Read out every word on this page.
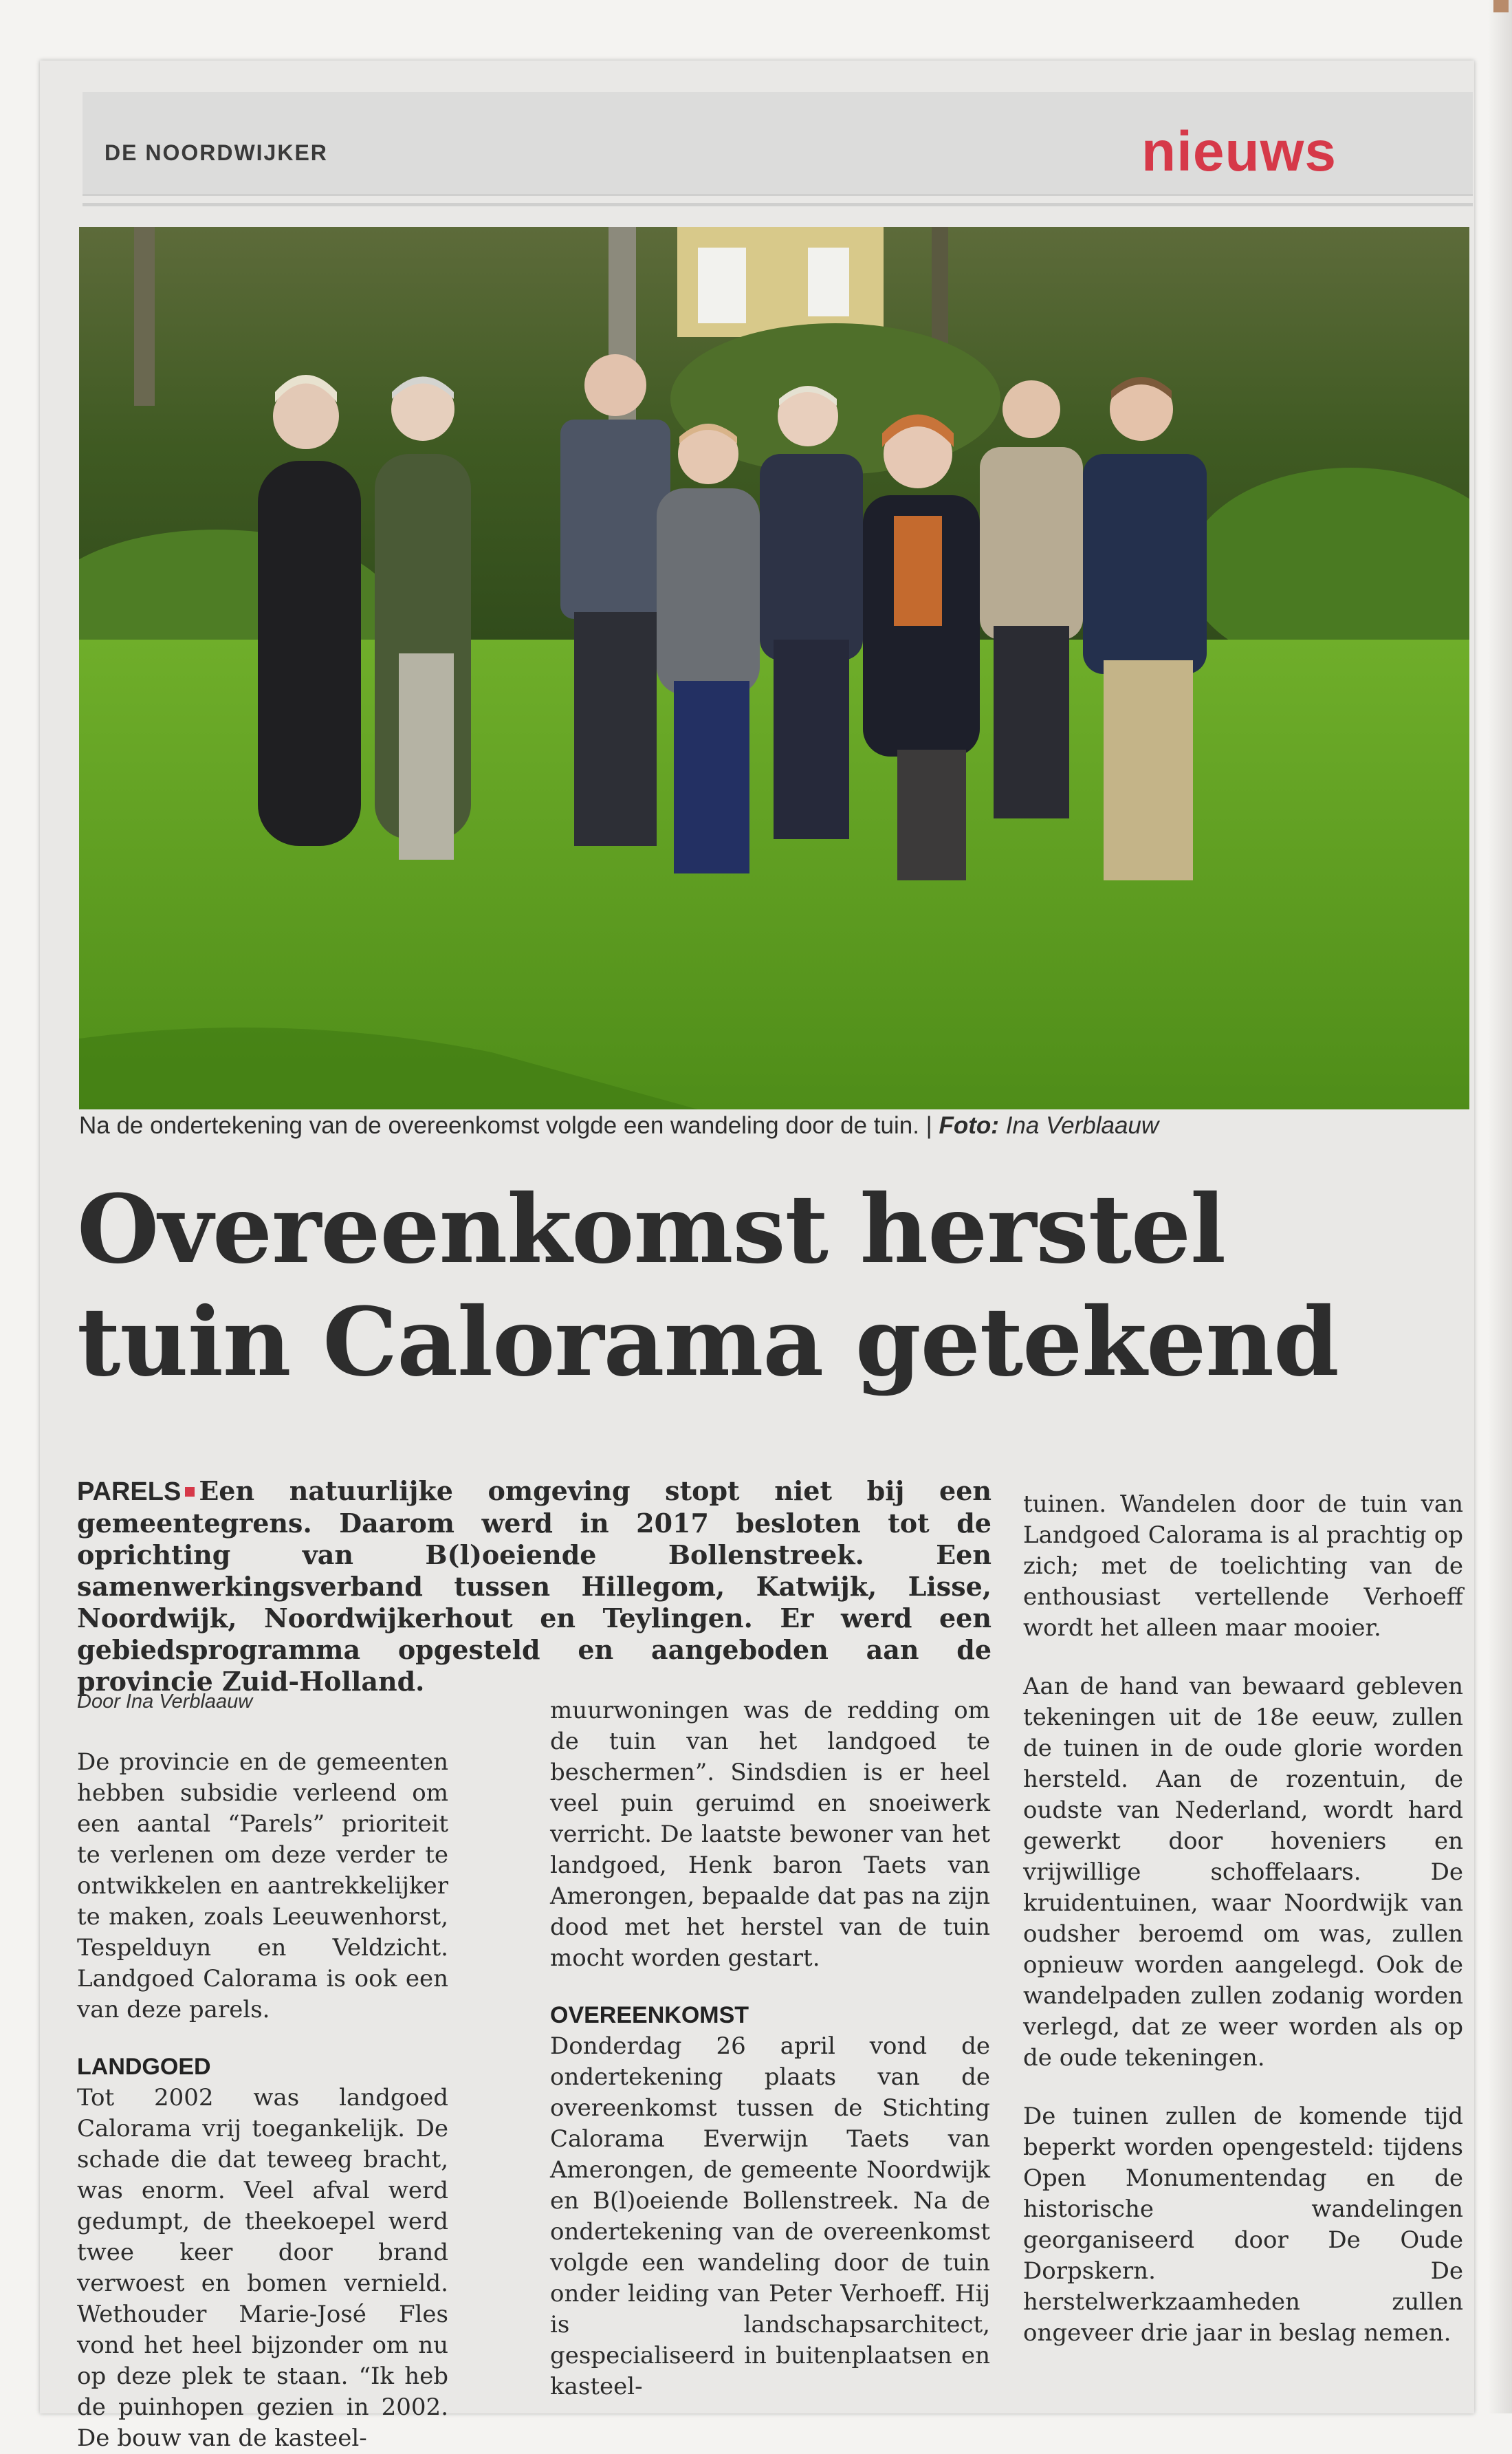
DE NOORDWIJKER	nieuws
Na de ondertekening van de overeenkomst volgde een wandeling door de tuin. | Foto: Ina Verblaauw
Overeenkomst herstel
tuin Calorama getekend
PARELS Een natuurlijke omgeving stopt niet bij een gemeentegrens. Daarom werd in 2017 besloten tot de oprichting van B(l)oeiende Bollenstreek. Een samenwerkingsverband tussen Hillegom, Katwijk, Lisse, Noordwijk, Noordwijkerhout en Teylingen. Er werd een gebiedsprogramma opgesteld en aangeboden aan de provincie Zuid-Holland.
Door Ina Verblaauw

De provincie en de gemeenten hebben subsidie verleend om een aantal “Parels” prioriteit te verlenen om deze verder te ontwikkelen en aantrekkelijker te maken, zoals Leeuwenhorst, Tespelduyn en Veldzicht. Landgoed Calorama is ook een van deze parels.

LANDGOED

Tot 2002 was landgoed Calorama vrij toegankelijk. De schade die dat teweeg bracht, was enorm. Veel afval werd gedumpt, de theekoepel werd twee keer door brand verwoest en bomen vernield. Wethouder Marie-José Fles vond het heel bijzonder om nu op deze plek te staan. “Ik heb de puinhopen gezien in 2002. De bouw van de kasteel-

muurwoningen was de redding om de tuin van het landgoed te beschermen”. Sindsdien is er heel veel puin geruimd en snoeiwerk verricht. De laatste bewoner van het landgoed, Henk baron Taets van Amerongen, bepaalde dat pas na zijn dood met het herstel van de tuin mocht worden gestart.

OVEREENKOMST

Donderdag 26 april vond de ondertekening plaats van de overeenkomst tussen de Stichting Calorama Everwijn Taets van Amerongen, de gemeente Noordwijk en B(l)oeiende Bollenstreek. Na de ondertekening van de overeenkomst volgde een wandeling door de tuin onder leiding van Peter Verhoeff. Hij is landschapsarchitect, gespecialiseerd in buitenplaatsen en kasteel-

tuinen. Wandelen door de tuin van Landgoed Calorama is al prachtig op zich; met de toelichting van de enthousiast vertellende Verhoeff wordt het alleen maar mooier.

Aan de hand van bewaard gebleven tekeningen uit de 18e eeuw, zullen de tuinen in de oude glorie worden hersteld. Aan de rozentuin, de oudste van Nederland, wordt hard gewerkt door hoveniers en vrijwillige schoffelaars. De kruidentuinen, waar Noordwijk van oudsher beroemd om was, zullen opnieuw worden aangelegd. Ook de wandelpaden zullen zodanig worden verlegd, dat ze weer worden als op de oude tekeningen.

De tuinen zullen de komende tijd beperkt worden opengesteld: tijdens Open Monumentendag en de historische wandelingen georganiseerd door De Oude Dorpskern. De herstelwerkzaamheden zullen ongeveer drie jaar in beslag nemen.
